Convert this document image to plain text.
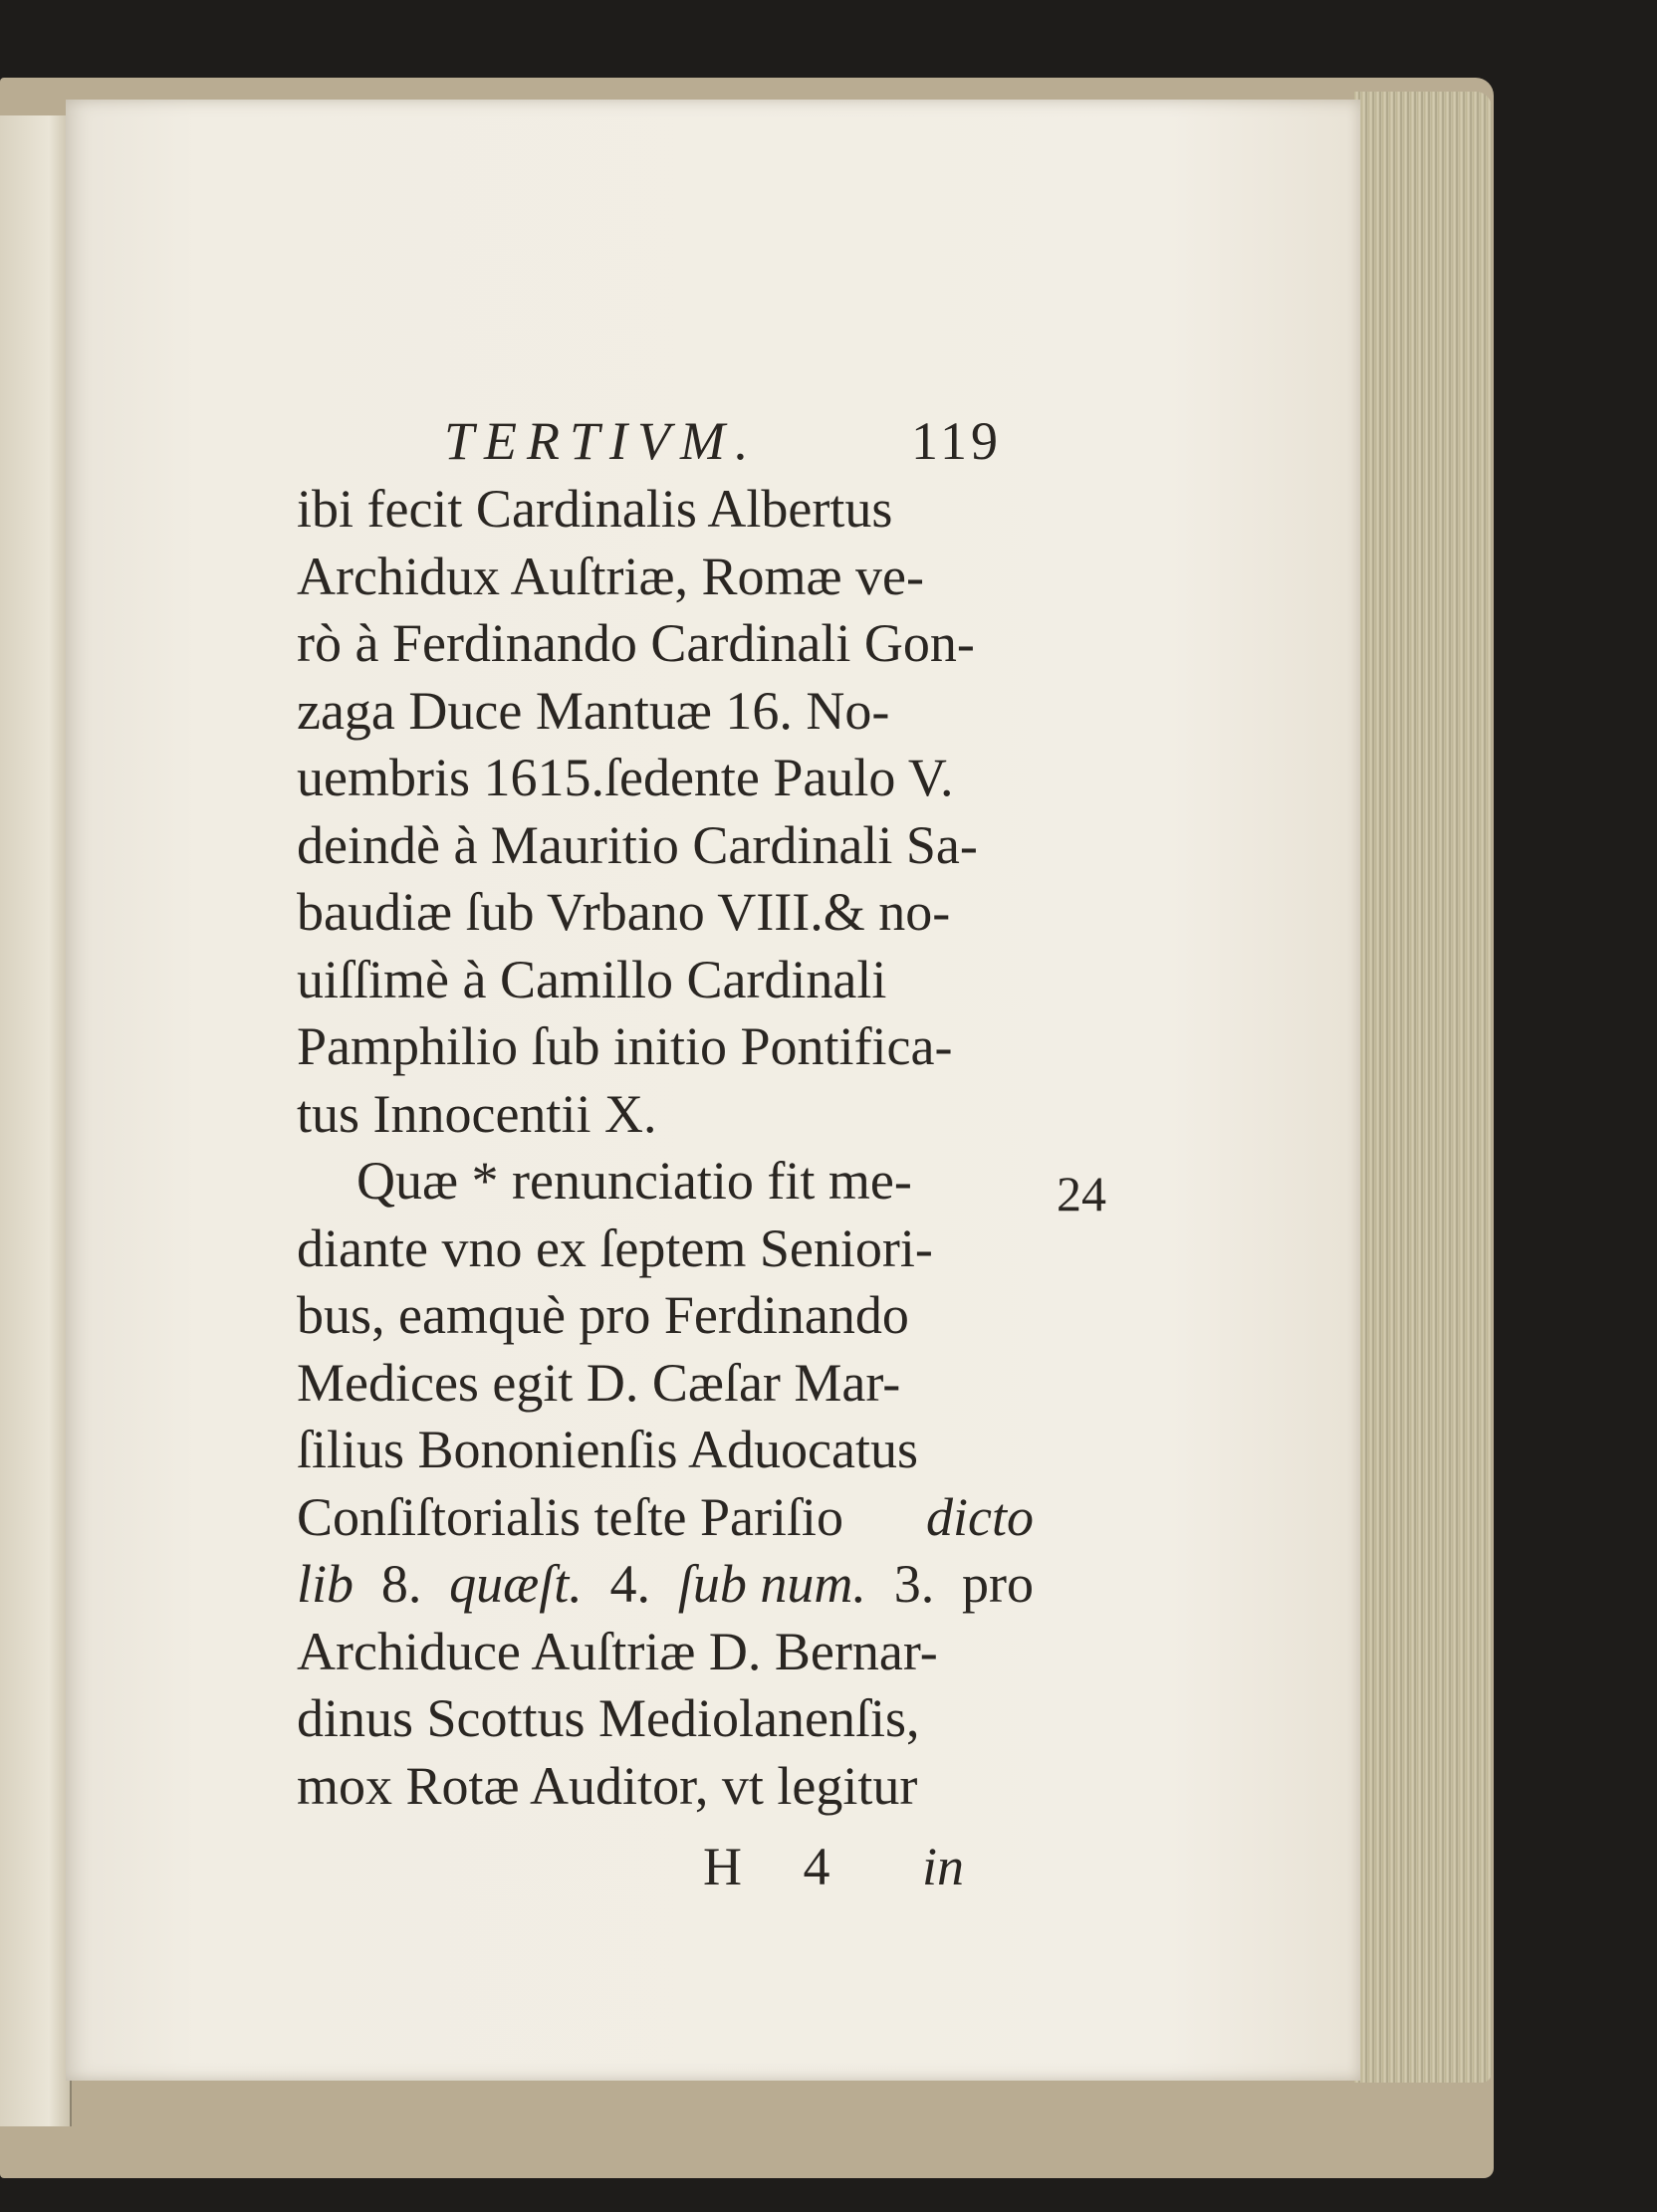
TERTIVM.	119
ibi fecit Cardinalis Albertus
Archidux Auſtriæ, Romæ ve-
rò à Ferdinando Cardinali Gon-
zaga Duce Mantuæ 16. No-
uembris 1615.ſedente Paulo V.
deindè à Mauritio Cardinali Sa-
baudiæ ſub Vrbano VIII.& no-
uiſſimè à Camillo Cardinali
Pamphilio ſub initio Pontifica-
tus Innocentii X.
Quæ * renunciatio fit me-
diante vno ex ſeptem Seniori-
bus, eamquè pro Ferdinando
Medices egit D. Cæſar Mar-
ſilius Bononienſis Aduocatus
Conſiſtorialis teſte Pariſio dicto
lib 8. quæſt. 4. ſub num. 3. pro
Archiduce Auſtriæ D. Bernar-
dinus Scottus Mediolanenſis,
mox Rotæ Auditor, vt legitur
24
H 4 in
